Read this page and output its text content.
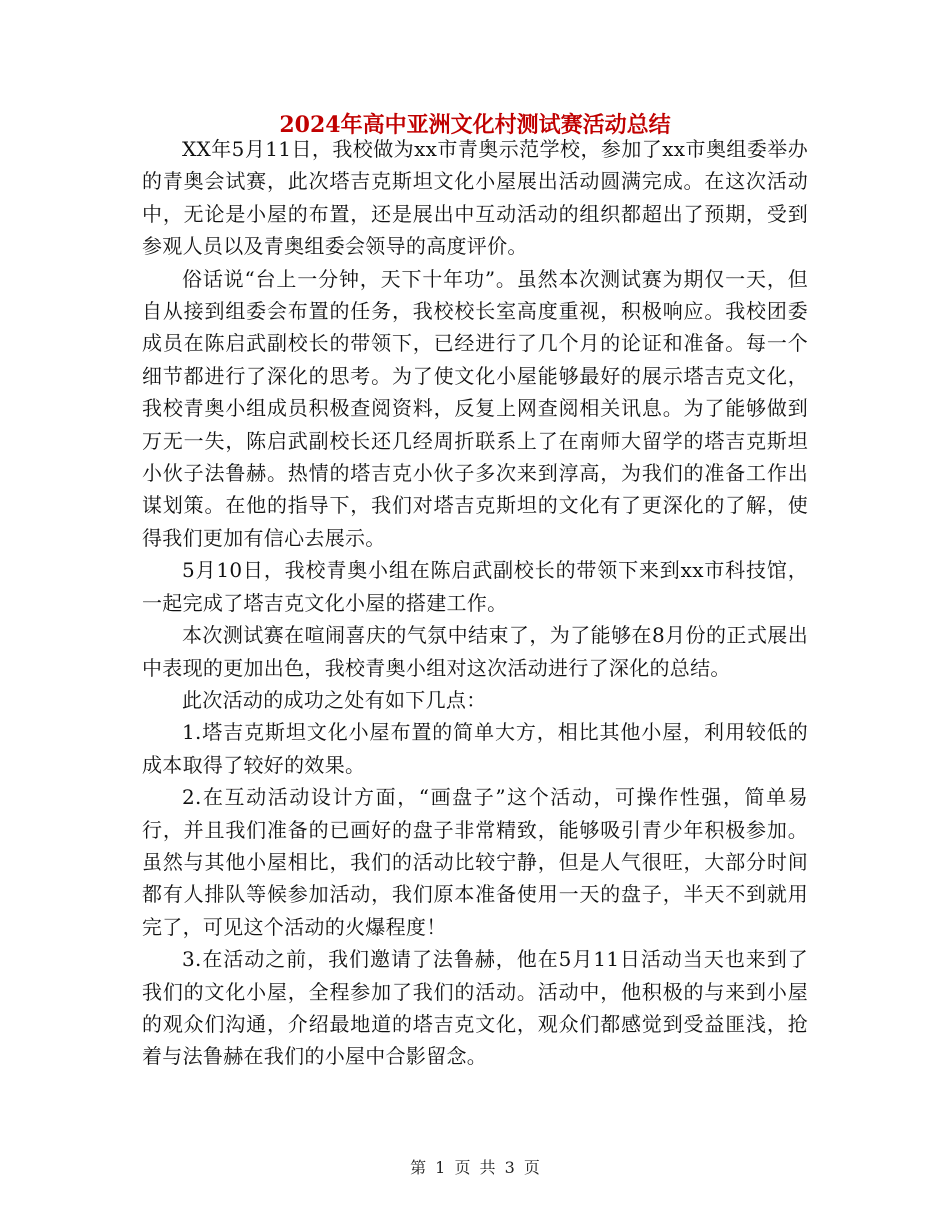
2024年高中亚洲文化村测试赛活动总结

XX年5月11日，我校做为xx市青奥示范学校，参加了xx市奥组委举办的青奥会试赛，此次塔吉克斯坦文化小屋展出活动圆满完成。在这次活动中，无论是小屋的布置，还是展出中互动活动的组织都超出了预期，受到参观人员以及青奥组委会领导的高度评价。

俗话说“台上一分钟，天下十年功”。虽然本次测试赛为期仅一天，但自从接到组委会布置的任务，我校校长室高度重视，积极响应。我校团委成员在陈启武副校长的带领下，已经进行了几个月的论证和准备。每一个细节都进行了深化的思考。为了使文化小屋能够最好的展示塔吉克文化，我校青奥小组成员积极查阅资料，反复上网查阅相关讯息。为了能够做到万无一失，陈启武副校长还几经周折联系上了在南师大留学的塔吉克斯坦小伙子法鲁赫。热情的塔吉克小伙子多次来到淳高，为我们的准备工作出谋划策。在他的指导下，我们对塔吉克斯坦的文化有了更深化的了解，使得我们更加有信心去展示。

5月10日，我校青奥小组在陈启武副校长的带领下来到xx市科技馆，一起完成了塔吉克文化小屋的搭建工作。

本次测试赛在喧闹喜庆的气氛中结束了，为了能够在8月份的正式展出中表现的更加出色，我校青奥小组对这次活动进行了深化的总结。

此次活动的成功之处有如下几点：

1.塔吉克斯坦文化小屋布置的简单大方，相比其他小屋，利用较低的成本取得了较好的效果。

2.在互动活动设计方面，“画盘子”这个活动，可操作性强，简单易行，并且我们准备的已画好的盘子非常精致，能够吸引青少年积极参加。虽然与其他小屋相比，我们的活动比较宁静，但是人气很旺，大部分时间都有人排队等候参加活动，我们原本准备使用一天的盘子，半天不到就用完了，可见这个活动的火爆程度！

3.在活动之前，我们邀请了法鲁赫，他在5月11日活动当天也来到了我们的文化小屋，全程参加了我们的活动。活动中，他积极的与来到小屋的观众们沟通，介绍最地道的塔吉克文化，观众们都感觉到受益匪浅，抢着与法鲁赫在我们的小屋中合影留念。

第 1 页 共 3 页
